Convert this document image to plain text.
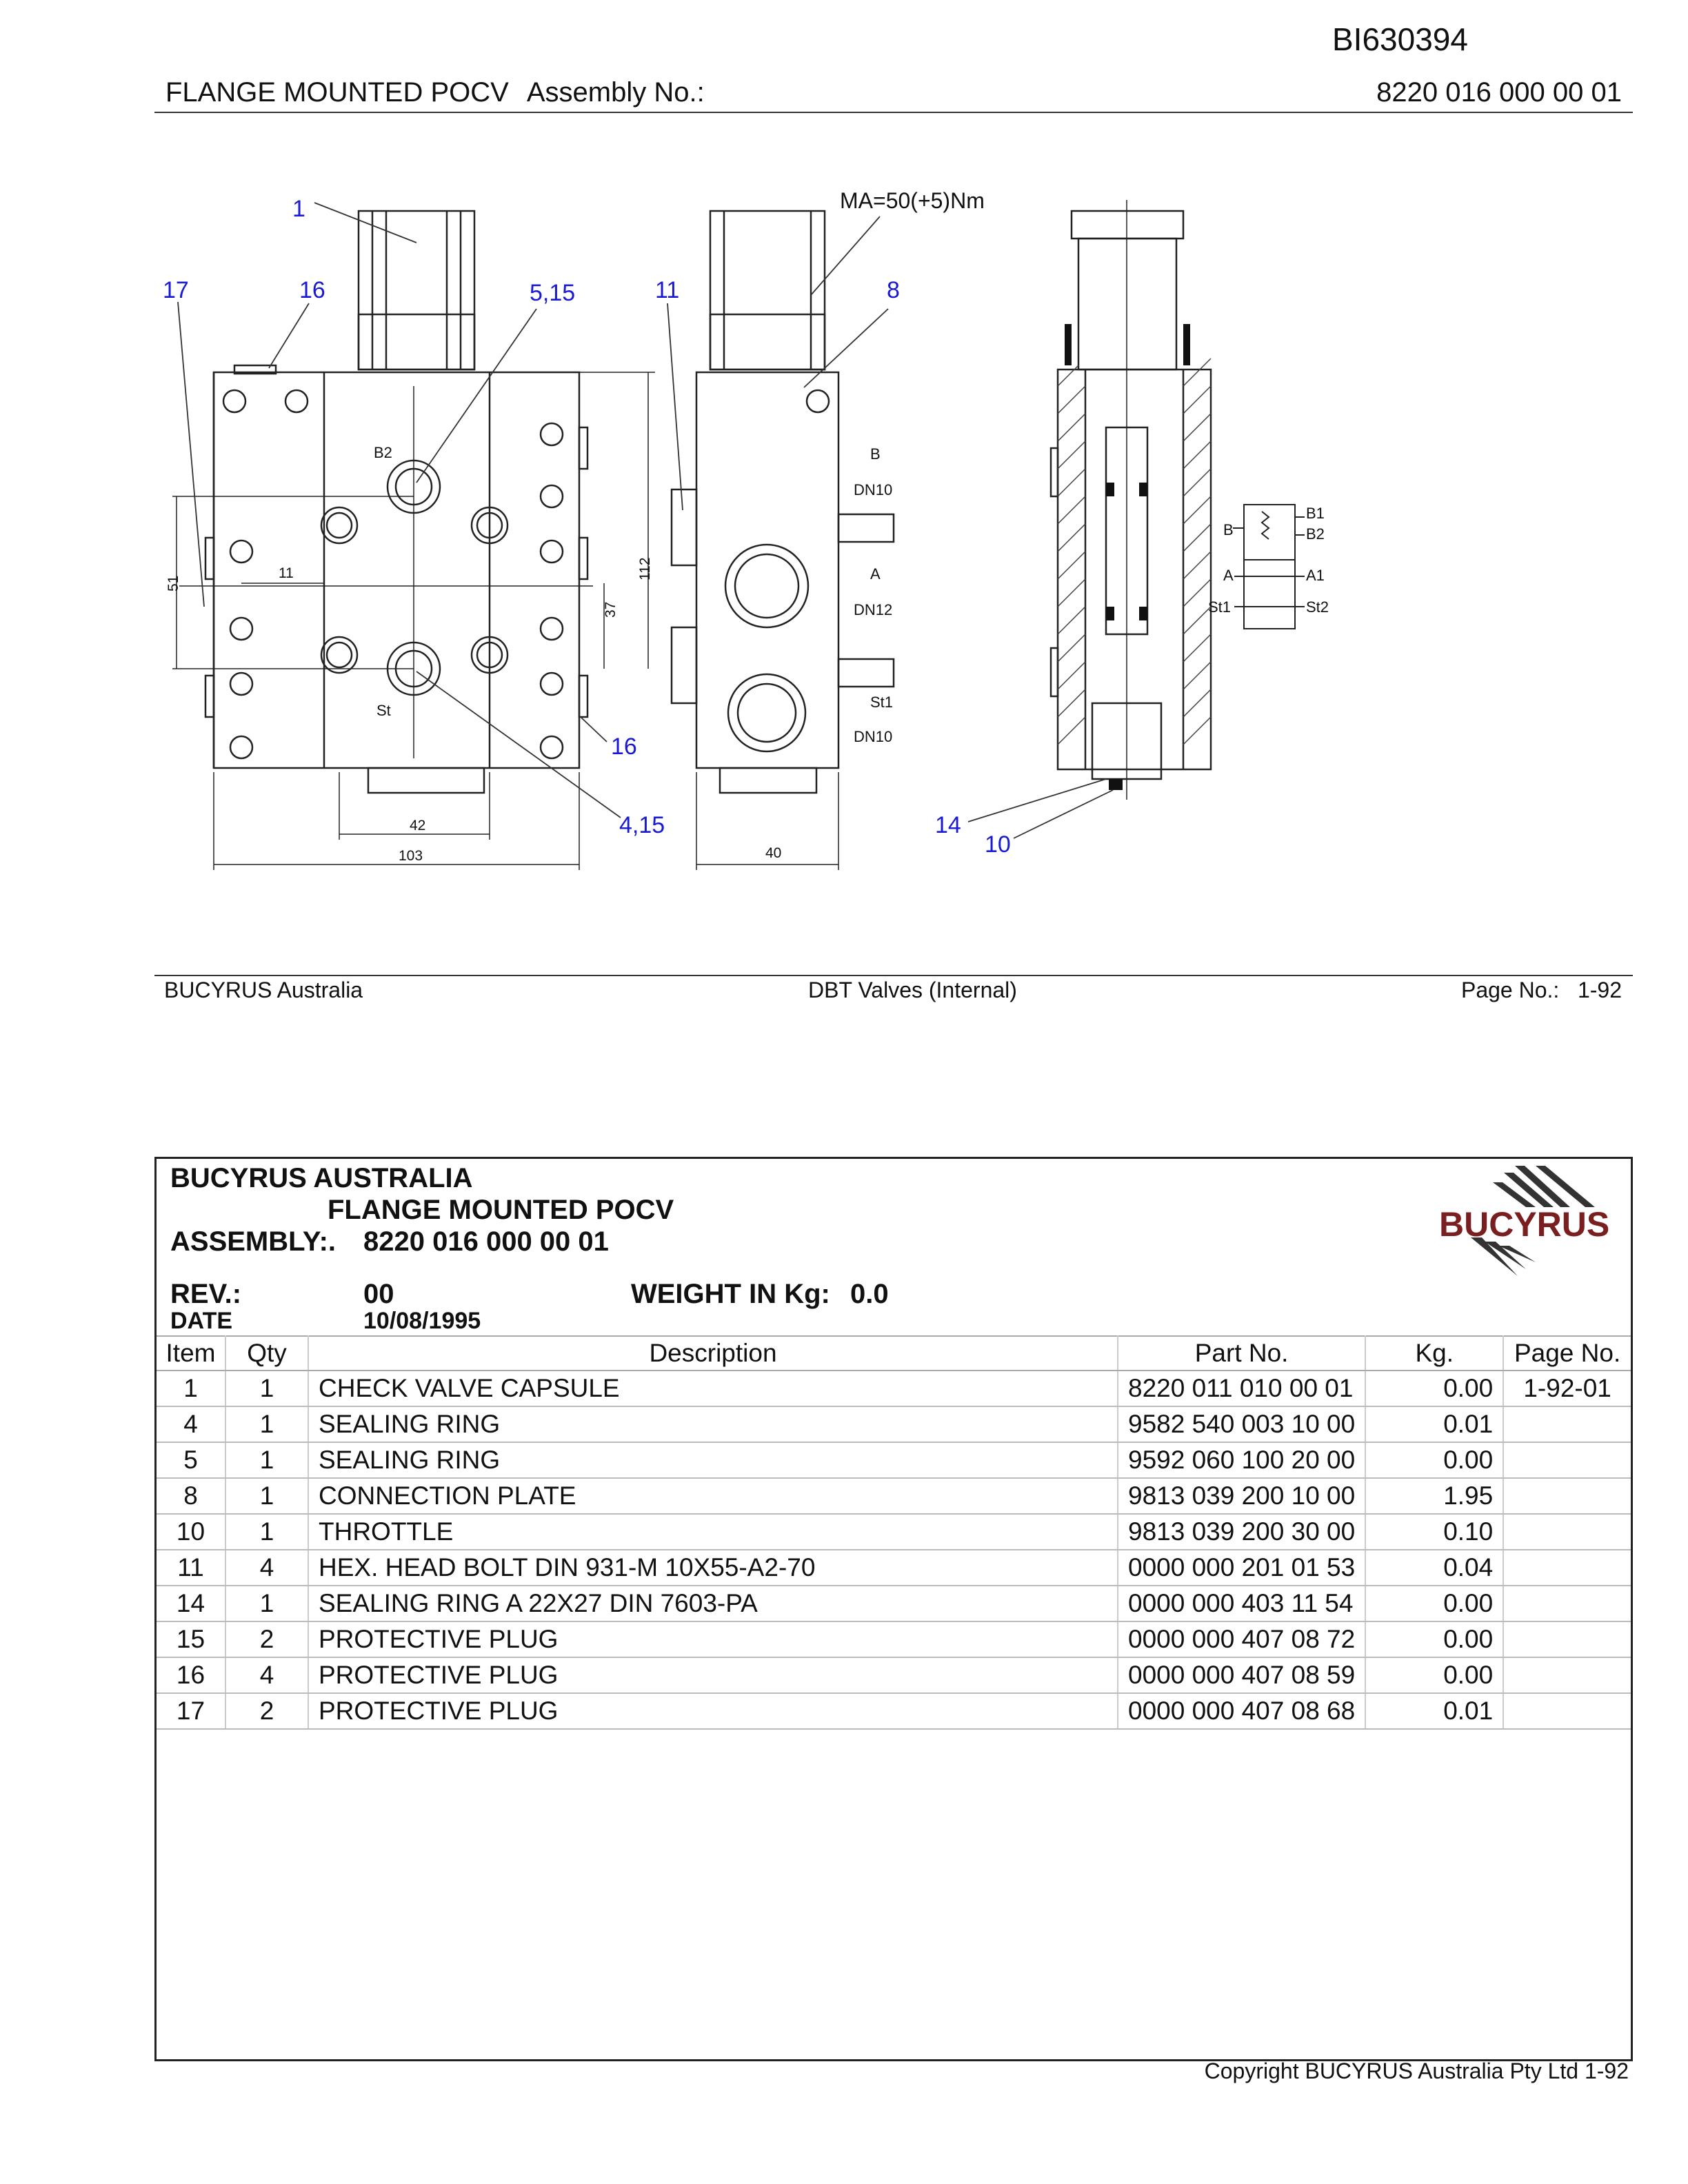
BI630394
FLANGE MOUNTED POCV Assembly No.:	8220 016 000 00 01
1
17	16	5,15	11	8
16
4,15	14
10
MA=50(+5)Nm
B2
St
B
DN10
A
DN12
St1
DN10
51
11
37
112
42
103	40
B1
B2
B
A	A1
St1	St2
BUCYRUS Australia	DBT Valves (Internal)	Page No.: 1-92
BUCYRUS AUSTRALIA
FLANGE MOUNTED POCV
ASSEMBLY:. 8220 016 000 00 01
REV.:	00	WEIGHT IN Kg: 0.0
DATE	10/08/1995
BUCYRUS
Item	Qty	Description	Part No.	Kg.	Page No.
1	1	CHECK VALVE CAPSULE	8220 011 010 00 01	0.00	1-92-01
4	1	SEALING RING	9582 540 003 10 00	0.01	
5	1	SEALING RING	9592 060 100 20 00	0.00	
8	1	CONNECTION PLATE	9813 039 200 10 00	1.95	
10	1	THROTTLE	9813 039 200 30 00	0.10	
11	4	HEX. HEAD BOLT DIN 931-M 10X55-A2-70	0000 000 201 01 53	0.04	
14	1	SEALING RING A 22X27 DIN 7603-PA	0000 000 403 11 54	0.00	
15	2	PROTECTIVE PLUG	0000 000 407 08 72	0.00	
16	4	PROTECTIVE PLUG	0000 000 407 08 59	0.00	
17	2	PROTECTIVE PLUG	0000 000 407 08 68	0.01	
Copyright BUCYRUS Australia Pty Ltd 1-92
